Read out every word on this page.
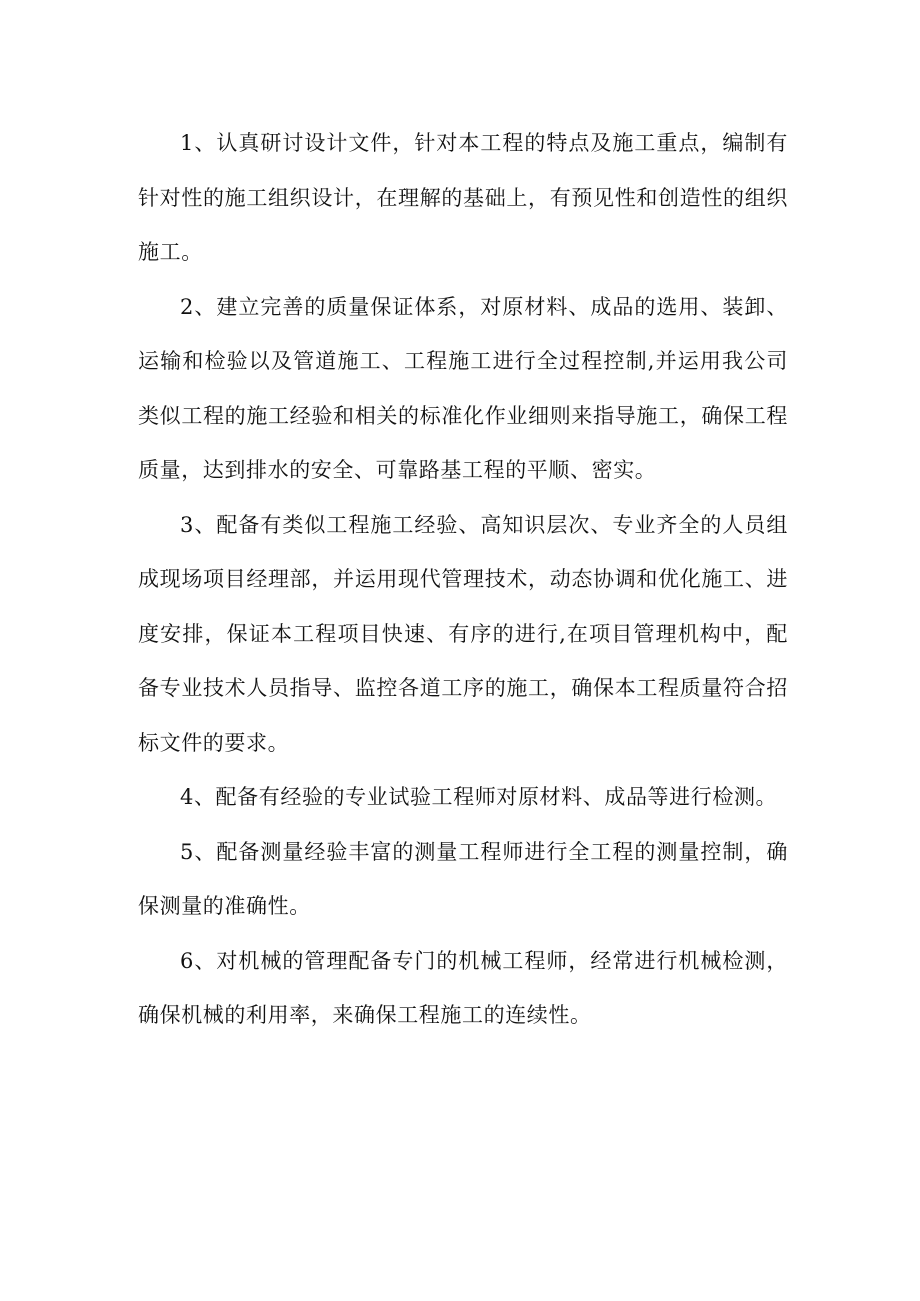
1、认真研讨设计文件，针对本工程的特点及施工重点，编制有针对性的施工组织设计，在理解的基础上，有预见性和创造性的组织施工。

2、建立完善的质量保证体系，对原材料、成品的选用、装卸、运输和检验以及管道施工、工程施工进行全过程控制,并运用我公司类似工程的施工经验和相关的标准化作业细则来指导施工，确保工程质量，达到排水的安全、可靠路基工程的平顺、密实。

3、配备有类似工程施工经验、高知识层次、专业齐全的人员组成现场项目经理部，并运用现代管理技术，动态协调和优化施工、进度安排，保证本工程项目快速、有序的进行,在项目管理机构中，配备专业技术人员指导、监控各道工序的施工，确保本工程质量符合招标文件的要求。

4、配备有经验的专业试验工程师对原材料、成品等进行检测。

5、配备测量经验丰富的测量工程师进行全工程的测量控制，确保测量的准确性。

6、对机械的管理配备专门的机械工程师，经常进行机械检测，确保机械的利用率，来确保工程施工的连续性。
